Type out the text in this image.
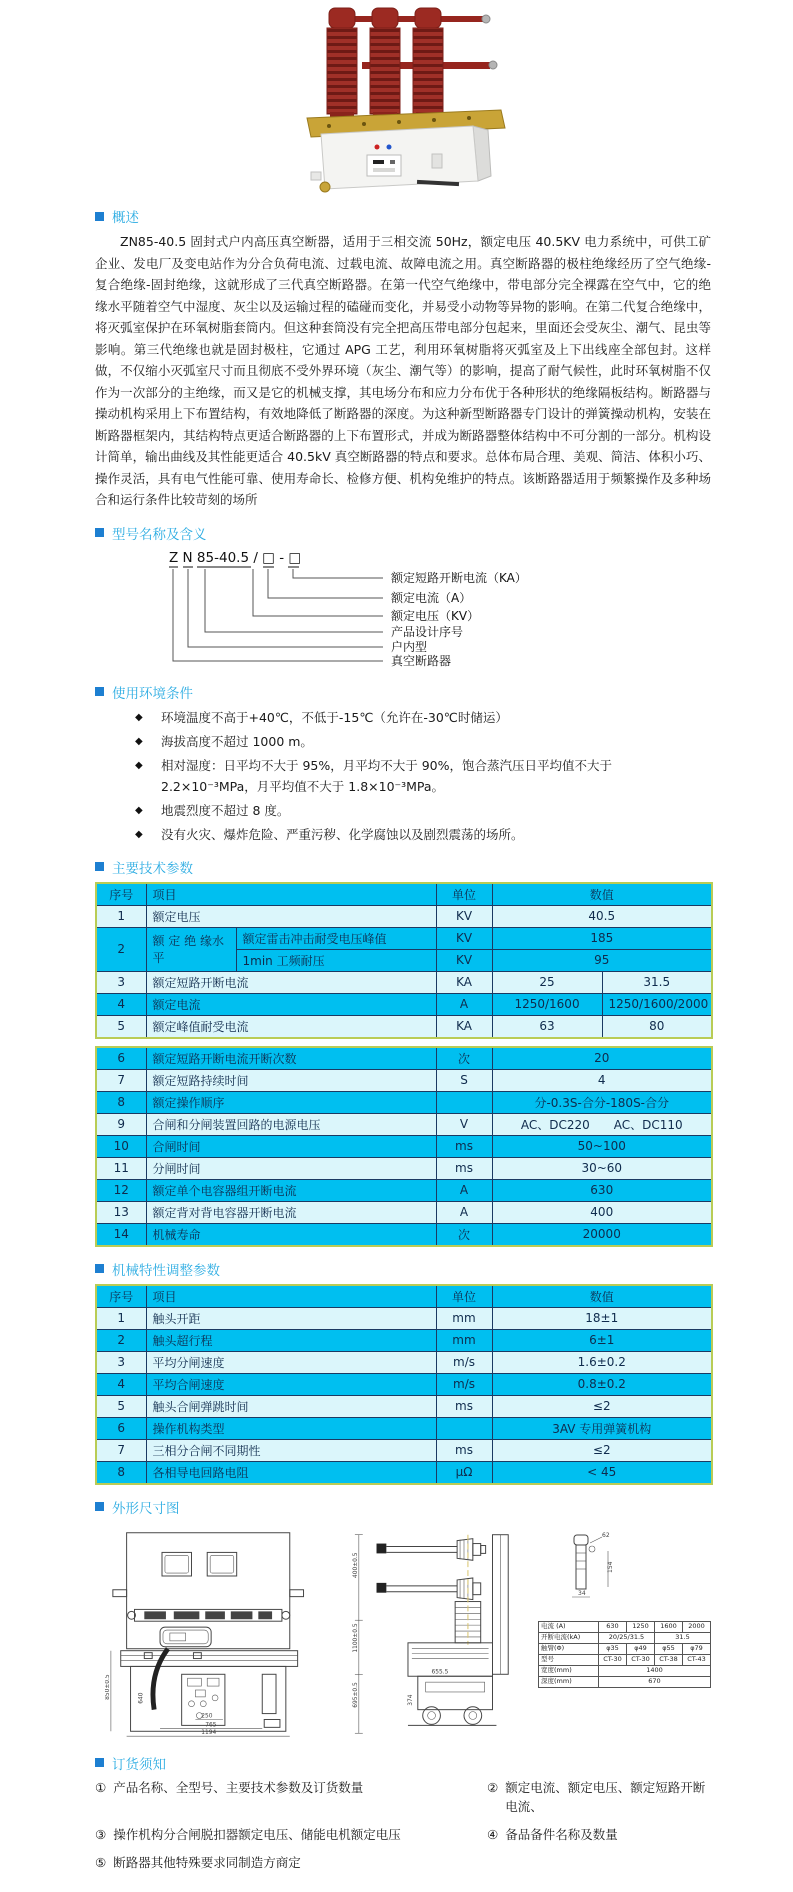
概述

ZN85-40.5 固封式户内高压真空断器，适用于三相交流 50Hz，额定电压 40.5KV 电力系统中，可供工矿企业、发电厂及变电站作为分合负荷电流、过载电流、故障电流之用。真空断路器的极柱绝缘经历了空气绝缘-复合绝缘-固封绝缘，这就形成了三代真空断路器。在第一代空气绝缘中，带电部分完全裸露在空气中，它的绝缘水平随着空气中湿度、灰尘以及运输过程的磕碰而变化，并易受小动物等异物的影响。在第二代复合绝缘中，将灭弧室保护在环氧树脂套筒内。但这种套筒没有完全把高压带电部分包起来，里面还会受灰尘、潮气、昆虫等影响。第三代绝缘也就是固封极柱，它通过 APG 工艺，利用环氧树脂将灭弧室及上下出线座全部包封。这样做，不仅缩小灭弧室尺寸而且彻底不受外界环境（灰尘、潮气等）的影响，提高了耐气候性，此时环氧树脂不仅作为一次部分的主绝缘，而又是它的机械支撑，其电场分布和应力分布优于各种形状的绝缘隔板结构。断路器与操动机构采用上下布置结构，有效地降低了断路器的深度。为这种新型断路器专门设计的弹簧操动机构，安装在断路器框架内，其结构特点更适合断路器的上下布置形式，并成为断路器整体结构中不可分割的一部分。机构设计简单，输出曲线及其性能更适合 40.5kV 真空断路器的特点和要求。总体布局合理、美观、简洁、体积小巧、操作灵活，具有电气性能可靠、使用寿命长、检修方便、机构免维护的特点。该断路器适用于频繁操作及多种场合和运行条件比较苛刻的场所

型号名称及含义
Z N 85-40.5 / □ - □
额定短路开断电流（KA）
额定电流（A）
额定电压（KV）
产品设计序号
户内型
真空断路器
使用环境条件
◆ 环境温度不高于+40℃，不低于-15℃（允许在-30℃时储运）
◆ 海拔高度不超过 1000 m。
◆ 相对湿度：日平均不大于 95%，月平均不大于 90%，饱合蒸汽压日平均值不大于 2.2×10⁻³MPa，月平均值不大于 1.8×10⁻³MPa。
◆ 地震烈度不超过 8 度。
◆ 没有火灾、爆炸危险、严重污秽、化学腐蚀以及剧烈震荡的场所。
主要技术参数
序号	项目		单位	数值	
1	额定电压		KV	40.5	
2	额 定 绝 缘水平	额定雷击冲击耐受电压峰值	KV	185	
		1min 工频耐压	KV	95	
3	额定短路开断电流		KA	25	31.5
4	额定电流		A	1250/1600	1250/1600/2000
5	额定峰值耐受电流		KA	63	80
6	额定短路开断电流开断次数	次	20
7	额定短路持续时间	S	4
8	额定操作顺序		分-0.3S-合分-180S-合分
9	合闸和分闸装置回路的电源电压	V	AC、DC220　　AC、DC110
10	合闸时间	ms	50~100
11	分闸时间	ms	30~60
12	额定单个电容器组开断电流	A	630
13	额定背对背电容器开断电流	A	400
14	机械寿命	次	20000
机械特性调整参数
序号	项目	单位	数值
1	触头开距	mm	18±1
2	触头超行程	mm	6±1
3	平均分闸速度	m/s	1.6±0.2
4	平均合闸速度	m/s	0.8±0.2
5	触头合闸弹跳时间	ms	≤2
6	操作机构类型		3AV 专用弹簧机构
7	三相分合闸不同期性	ms	≤2
8	各相导电回路电阻	μΩ	< 45
外形尺寸图
850±0.5	640
250
765
1194
400±0.5
1100±0.5
695±0.5
655.5
374
62
154
34
电流 (A)	630	1250	1600	2000
开断电流(kA)	20/25/31.5		31.5	
触臂(Φ)	φ35	φ49	φ55	φ79
型号	CT-30	CT-30	CT-38	CT-43
宽度(mm)	1400			
深度(mm)	670			
订货须知
① 产品名称、全型号、主要技术参数及订货数量	② 额定电流、额定电压、额定短路开断电流、
③ 操作机构分合闸脱扣器额定电压、储能电机额定电压	④ 备品备件名称及数量
⑤ 断路器其他特殊要求同制造方商定
